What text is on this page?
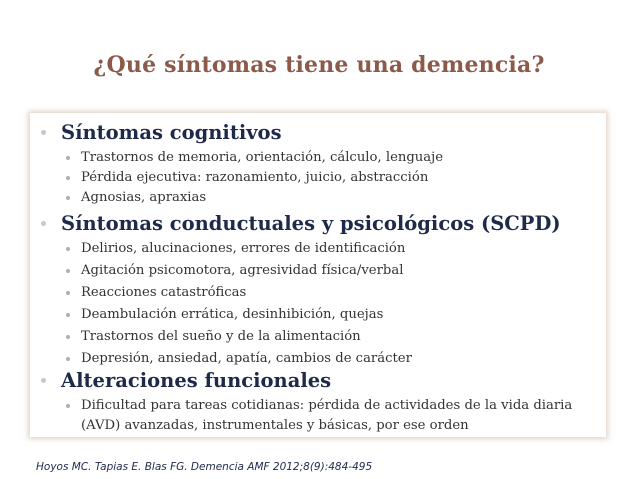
¿Qué síntomas tiene una demencia?
Síntomas cognitivos
Trastornos de memoria, orientación, cálculo, lenguaje
Pérdida ejecutiva: razonamiento, juicio, abstracción
Agnosias, apraxias
Síntomas conductuales y psicológicos (SCPD)
Delirios, alucinaciones, errores de identificación
Agitación psicomotora, agresividad física/verbal
Reacciones catastróficas
Deambulación errática, desinhibición, quejas
Trastornos del sueño y de la alimentación
Depresión, ansiedad, apatía, cambios de carácter
Alteraciones funcionales
Dificultad para tareas cotidianas: pérdida de actividades de la vida diaria (AVD) avanzadas, instrumentales y básicas, por ese orden
Hoyos MC. Tapias E. Blas FG. Demencia AMF 2012;8(9):484-495
